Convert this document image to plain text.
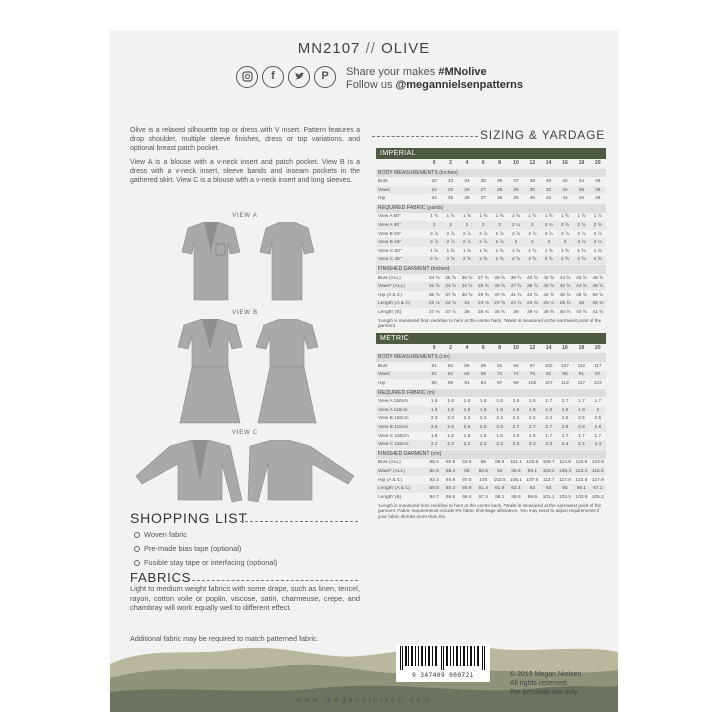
MN2107 // OLIVE
f	P	Share your makes #MNolive
Follow us @megannielsenpatterns

Olive is a relaxed silhouette top or dress with V insert. Pattern features a drop shoulder, multiple sleeve finishes, dress or top variations, and optional breast patch pocket.

View A is a blouse with a v-neck insert and patch pocket. View B is a dress with a v-neck insert, sleeve bands and inseam pockets in the gathered skirt. View C is a blouse with a v-neck insert and long sleeves.

VIEW A
VIEW B
VIEW C
SHOPPING LIST
Woven fabric
Pre-made bias tape (optional)
Fusible stay tape or interfacing (optional)
FABRICS
Light to medium weight fabrics with some drape, such as linen, tencel, rayon, cotton voile or poplin, viscose, satin, charmeuse, crepe, and chambray will work equally well to different effect.
Additional fabric may be required to match patterned fabric.
SIZING & YARDAGE
IMPERIAL
0	2	4	6	8	10	12	14	16	18	20
BODY MEASUREMENTS (inches)
Bust	32	33	34	35	36	37	38	40	42	44	46
Waist	24	25	26	27	28	29	30	32	34	36	38
Hip	34	35	36	37	38	39	40	42	44	46	48
REQUIRED FABRIC (yards)
View A 60"	1 ⅝	1 ⅝	1 ⅝	1 ⅝	1 ⅝	1 ⅝	1 ⅝	1 ⅝	1 ⅝	1 ⅝	1 ⅞
View A 45"	2	2	2	2	2	2 ¼	2	2 ⅛	2 ⅝	2 ⅝	2 ⅝
View B 60"	2 ⅞	2 ⅞	2 ⅞	2 ⅞	2 ⅞	2 ⅞	2 ⅞	2 ⅞	2 ⅞	2 ⅞	2 ⅞
View B 45"	2 ⅞	2 ⅞	2 ⅞	2 ⅞	2 ⅞	3	3	3	3	3 ⅛	3 ⅛
View C 60"	1 ⅝	1 ⅝	1 ⅝	1 ⅝	1 ⅝	1 ⅝	1 ⅝	1 ⅝	1 ⅝	1 ⅝	1 ⅝
View C 45"	2 ⅝	2 ⅝	2 ⅝	2 ⅝	2 ⅝	2 ⅝	2 ⅝	2 ⅝	2 ⅝	2 ⅝	2 ⅝
FINISHED GARMENT (inches)
Bust (ALL)	34 ⅝	35 ⅝	36 ⅝	37 ⅝	38 ⅝	39 ⅝	40 ⅝	42 ⅝	44 ⅝	46 ⅝	48 ⅝
Waist* (ALL)	32 ⅝	33 ⅝	34 ⅝	35 ⅝	36 ⅝	37 ⅝	38 ⅝	40 ⅝	42 ⅝	44 ⅝	46 ⅝
Hip (A & C)	36 ⅝	37 ⅝	38 ⅝	39 ⅝	40 ⅝	41 ⅝	42 ⅝	44 ⅝	46 ⅝	48 ⅝	50 ⅝
Length' (A & C)	23 ⅛	23 ⅝	24	24 ⅛	24 ⅝	24 ⅞	24 ⅝	25 ⅛	25 ⅝	26	26 ⅜
Length' (B)	37 ⅛	37 ⅞	38	38 ⅛	38 ⅝	39	39 ⅛	39 ⅝	40 ⅝	40 ⅝	41 ⅝
'Length is measured from neckline to hem at the centre back. *Waist is measured at the narrowest point of the garment.
METRIC
0	2	4	6	8	10	12	14	16	18	20
BODY MEASUREMENTS (cm)
Bust	81	84	86	89	91	94	97	102	107	112	117
Waist	61	64	66	69	71	74	76	81	86	91	97
Hip	86	89	91	94	97	99	102	107	112	117	122
REQUIRED FABRIC (m)
View A 150cm	1.6	1.6	1.6	1.6	1.6	1.6	1.6	1.7	1.7	1.7	1.7
View A 115cm	1.8	1.8	1.8	1.8	1.8	1.8	1.9	1.9	1.9	1.9	2
View B 150cm	2.3	2.3	2.3	2.3	2.4	2.4	2.4	2.4	2.5	2.5	2.5
View B 115cm	2.6	2.6	2.6	2.6	2.6	2.7	2.7	2.7	2.8	2.9	2.9
View C 150cm	1.6	1.6	1.6	1.6	1.6	1.6	1.6	1.7	1.7	1.7	1.7
View C 115cm	2.2	2.2	2.2	2.2	2.2	2.3	2.3	2.3	2.4	2.4	2.4
FINISHED GARMENT (cm)
Bust (ALL)	88.4	90.9	93.5	96	98.5	101.1 103.6 108.7 113.8 118.9 123.9
Waist* (ALL)	82.9	85.4	88	90.5	93	95.6	98.1	103.2 108.3 113.4 118.4
Hip (A & C)	92.4	94.9	97.5	100	102.5 105.1 107.6 112.7 117.8 122.9 127.9
Length' (A & C)	59.8	60.4	60.9	61.4	61.9	62.4	63	64	65	66.1	67.1
Length' (B)	94.7	95.6	96.4	97.3	98.1	98.9	99.8	101.1 102.5 103.9 105.2
'Length is measured from neckline to hem at the centre back. *Waist is measured at the narrowest point of the garment. Fabric requirements include 5% fabric shrinkage allowance. You may need to adjust requirements if your fabric shrinks more than 5%.
9 347409 000721	© 2019 Megan Nielsen
All rights reserved.
For personal use only.
www.megannielsen.com
